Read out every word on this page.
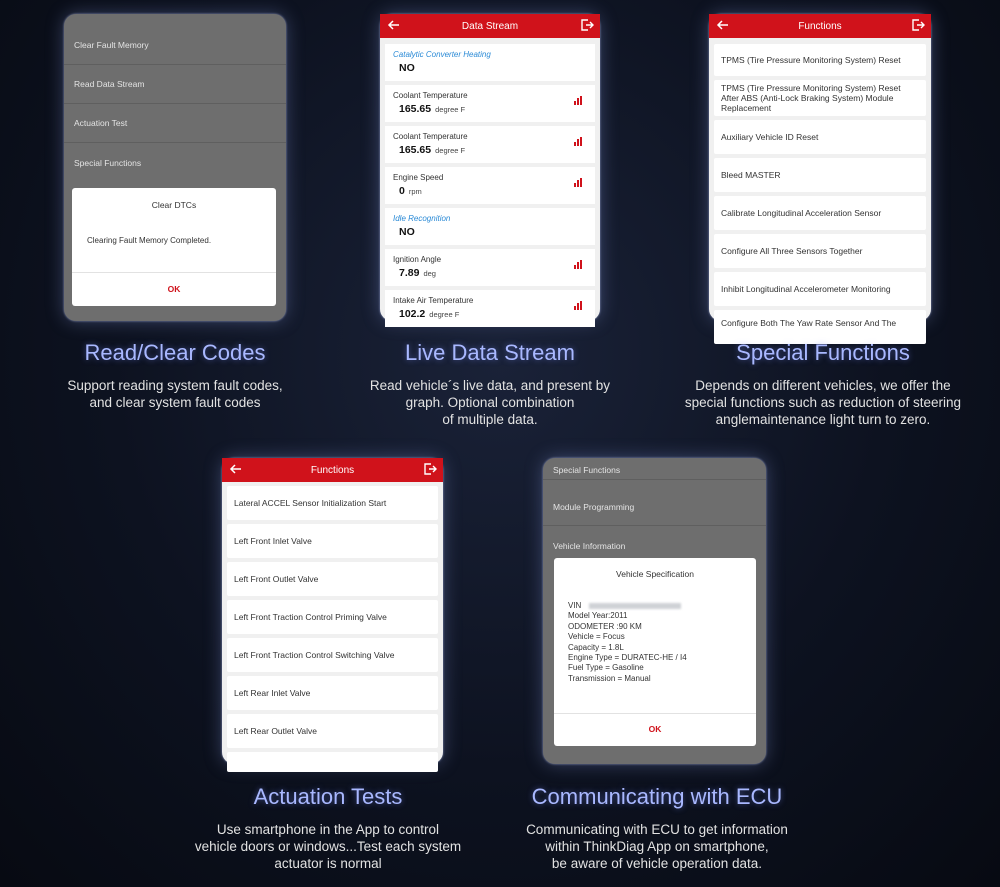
Clear Fault Memory
Read Data Stream
Actuation Test
Special Functions
Clear DTCs
Clearing Fault Memory Completed.
OK
Read/Clear Codes
Support reading system fault codes,
and clear system fault codes
Data Stream
Catalytic Converter Heating
NO
Coolant Temperature
165.65 degree F
Coolant Temperature
165.65 degree F
Engine Speed
0 rpm
Idle Recognition
NO
Ignition Angle
7.89 deg
Intake Air Temperature
102.2 degree F
Live Data Stream
Read vehicle´s live data, and present by
graph. Optional combination
of multiple data.
Functions
TPMS (Tire Pressure Monitoring System) Reset
TPMS (Tire Pressure Monitoring System) Reset After ABS (Anti-Lock Braking System) Module Replacement
Auxiliary Vehicle ID Reset
Bleed MASTER
Calibrate Longitudinal Acceleration Sensor
Configure All Three Sensors Together
Inhibit Longitudinal Accelerometer Monitoring
Configure Both The Yaw Rate Sensor And The
Special Functions
Depends on different vehicles, we offer the
special functions such as reduction of steering
anglemaintenance light turn to zero.
Functions
Lateral ACCEL Sensor Initialization Start
Left Front Inlet Valve
Left Front Outlet Valve
Left Front Traction Control Priming Valve
Left Front Traction Control Switching Valve
Left Rear Inlet Valve
Left Rear Outlet Valve
Actuation Tests
Use smartphone in the App to control
vehicle doors or windows...Test each system
actuator is normal
Special Functions
Module Programming
Vehicle Information
Vehicle Specification
VIN
Model Year:2011
ODOMETER :90 KM
Vehicle = Focus
Capacity = 1.8L
Engine Type = DURATEC-HE / I4
Fuel Type = Gasoline
Transmission = Manual
OK
Communicating with ECU
Communicating with ECU to get information
within ThinkDiag App on smartphone,
be aware of vehicle operation data.
